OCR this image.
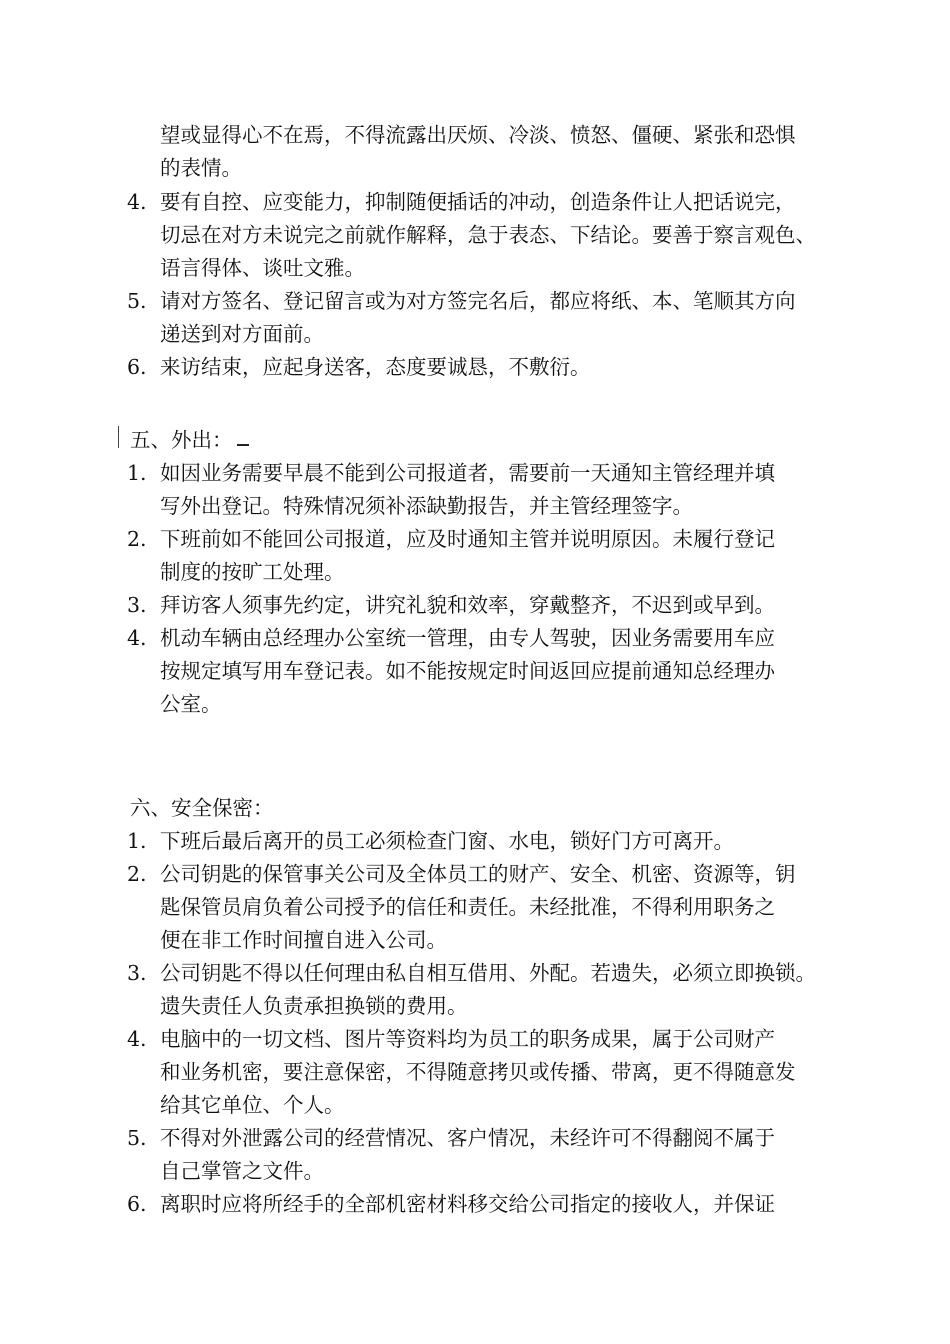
望或显得心不在焉，不得流露出厌烦、冷淡、愤怒、僵硬、紧张和恐惧
的表情。
4. 要有自控、应变能力，抑制随便插话的冲动，创造条件让人把话说完，
切忌在对方未说完之前就作解释，急于表态、下结论。要善于察言观色、
语言得体、谈吐文雅。
5. 请对方签名、登记留言或为对方签完名后，都应将纸、本、笔顺其方向
递送到对方面前。
6. 来访结束，应起身送客，态度要诚恳，不敷衍。
五、外出：
1. 如因业务需要早晨不能到公司报道者，需要前一天通知主管经理并填
写外出登记。特殊情况须补添缺勤报告，并主管经理签字。
2. 下班前如不能回公司报道，应及时通知主管并说明原因。未履行登记
制度的按旷工处理。
3. 拜访客人须事先约定，讲究礼貌和效率，穿戴整齐，不迟到或早到。
4. 机动车辆由总经理办公室统一管理，由专人驾驶，因业务需要用车应
按规定填写用车登记表。如不能按规定时间返回应提前通知总经理办
公室。
六、安全保密：
1. 下班后最后离开的员工必须检查门窗、水电，锁好门方可离开。
2. 公司钥匙的保管事关公司及全体员工的财产、安全、机密、资源等，钥
匙保管员肩负着公司授予的信任和责任。未经批准，不得利用职务之
便在非工作时间擅自进入公司。
3. 公司钥匙不得以任何理由私自相互借用、外配。若遗失，必须立即换锁。
遗失责任人负责承担换锁的费用。
4. 电脑中的一切文档、图片等资料均为员工的职务成果，属于公司财产
和业务机密，要注意保密，不得随意拷贝或传播、带离，更不得随意发
给其它单位、个人。
5. 不得对外泄露公司的经营情况、客户情况，未经许可不得翻阅不属于
自己掌管之文件。
6. 离职时应将所经手的全部机密材料移交给公司指定的接收人，并保证
